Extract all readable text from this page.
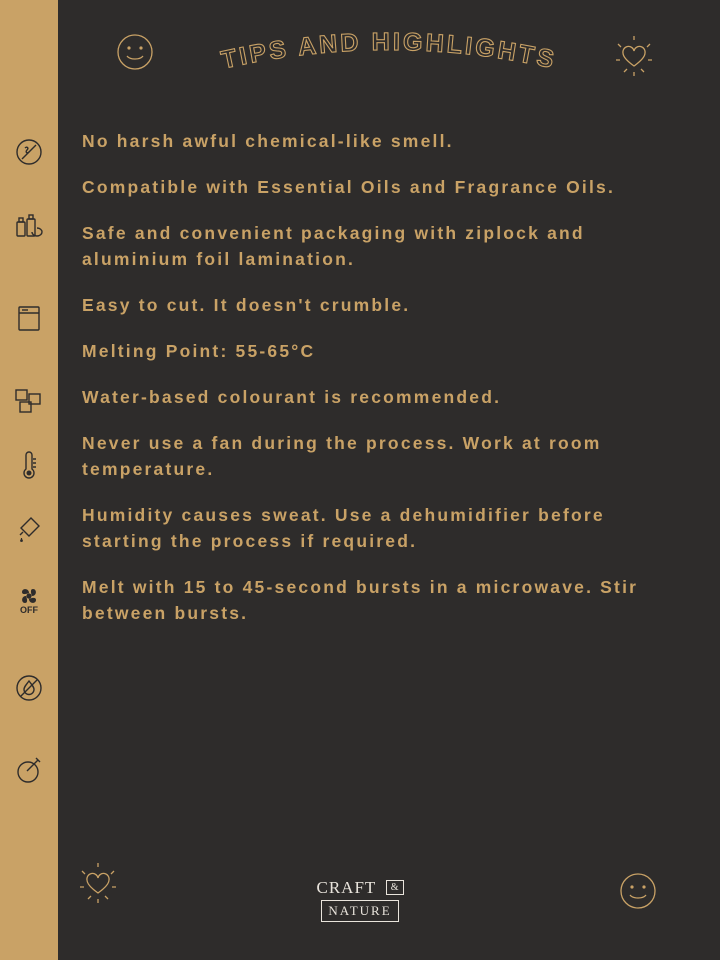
OFF
TIPS AND HIGHLIGHTS
No harsh awful chemical-like smell.
Compatible with Essential Oils and Fragrance Oils.
Safe and convenient packaging with ziplock and aluminium foil lamination.
Easy to cut. It doesn't crumble.
Melting Point: 55-65°C
Water-based colourant is recommended.
Never use a fan during the process. Work at room temperature.
Humidity causes sweat. Use a dehumidifier before starting the process if required.
Melt with 15 to 45-second bursts in a microwave. Stir between bursts.
CRAFT &
NATURE
